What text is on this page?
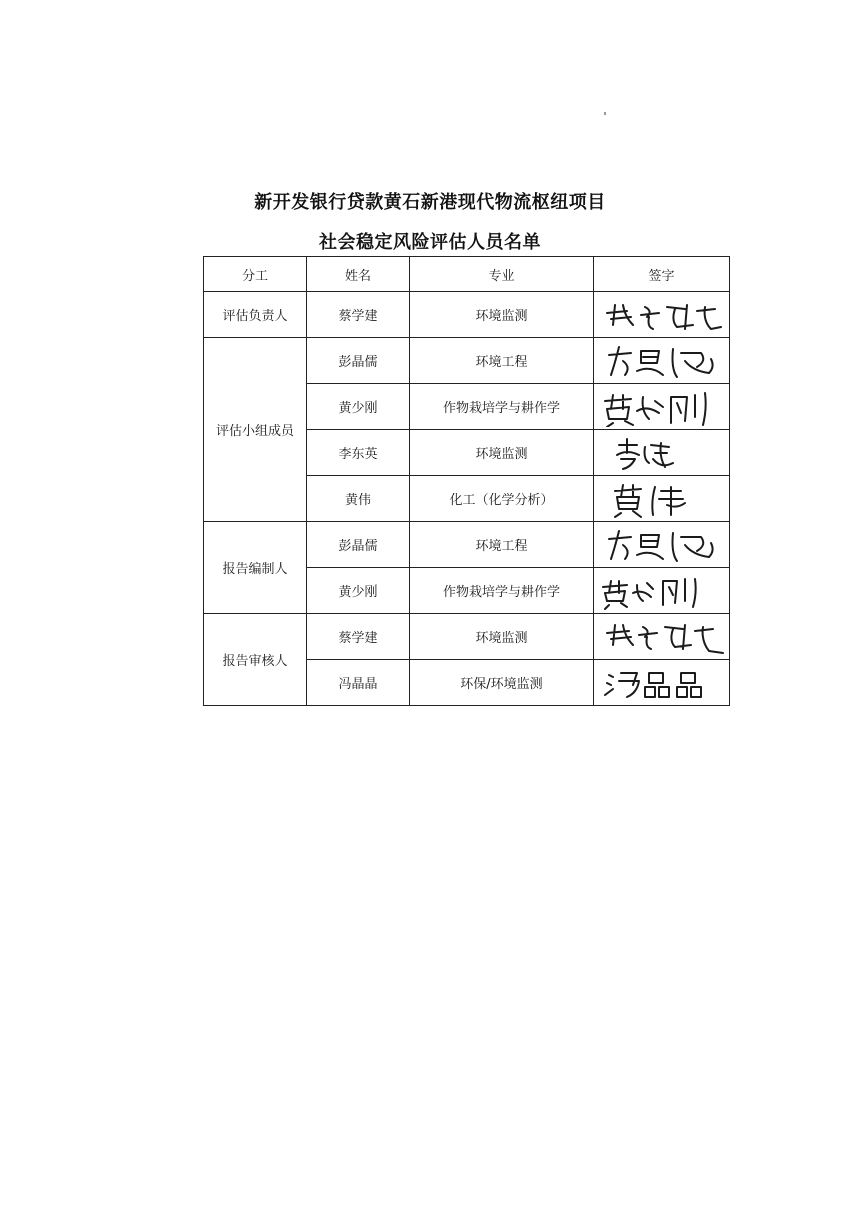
新开发银行贷款黄石新港现代物流枢纽项目
社会稳定风险评估人员名单
分工	姓名	专业	签字
评估负责人	蔡学建	环境监测	

评估小组成员	彭晶儒	环境工程	

	黄少刚	作物栽培学与耕作学	

	李东英	环境监测	

	黄伟	化工（化学分析）	

报告编制人	彭晶儒	环境工程	

	黄少刚	作物栽培学与耕作学	

报告审核人	蔡学建	环境监测	

	冯晶晶	环保/环境监测	
